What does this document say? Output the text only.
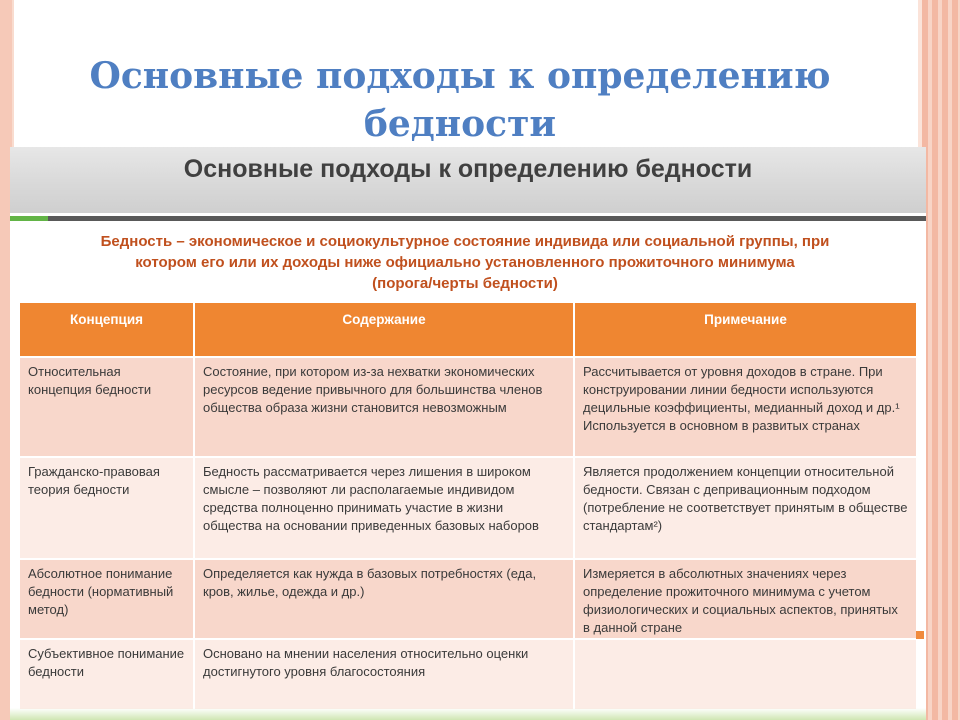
Основные подходы к определению
бедности
Основные подходы к определению бедности
Бедность – экономическое и социокультурное состояние индивида или социальной группы, при
котором его или их доходы ниже официально установленного прожиточного минимума
(порога/черты бедности)
Концепция	Содержание	Примечание
Относительная концепция бедности	Состояние, при котором из-за нехватки экономических ресурсов ведение привычного для большинства членов общества образа жизни становится невозможным	Рассчитывается от уровня доходов в стране. При конструировании линии бедности используются децильные коэффициенты, медианный доход и др.¹ Используется в основном в развитых странах
Гражданско-правовая теория бедности	Бедность рассматривается через лишения в широком смысле – позволяют ли располагаемые индивидом средства полноценно принимать участие в жизни общества на основании приведенных базовых наборов	Является продолжением концепции относительной бедности. Связан с депривационным подходом (потребление не соответствует принятым в обществе стандартам²)
Абсолютное понимание бедности (нормативный метод)	Определяется как нужда в базовых потребностях (еда, кров, жилье, одежда и др.)	Измеряется в абсолютных значениях через определение прожиточного минимума с учетом физиологических и социальных аспектов, принятых в данной стране
Субъективное понимание бедности	Основано на мнении населения относительно оценки достигнутого уровня благосостояния	
